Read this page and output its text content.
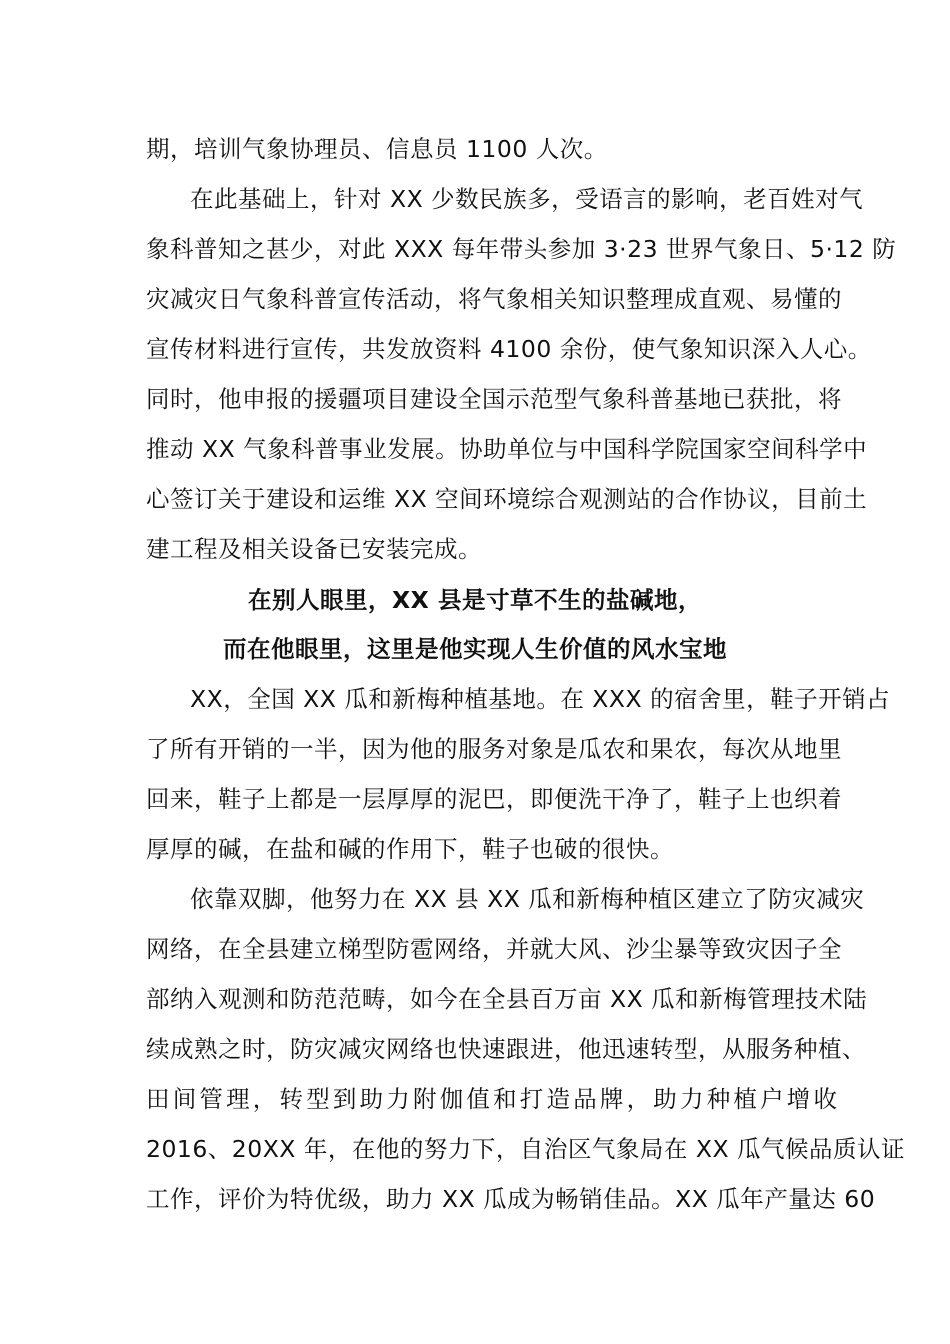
期，培训气象协理员、信息员 1100 人次。
在此基础上，针对 XX 少数民族多，受语言的影响，老百姓对气
象科普知之甚少，对此 XXX 每年带头参加 3·23 世界气象日、5·12 防
灾减灾日气象科普宣传活动，将气象相关知识整理成直观、易懂的
宣传材料进行宣传，共发放资料 4100 余份，使气象知识深入人心。
同时，他申报的援疆项目建设全国示范型气象科普基地已获批，将
推动 XX 气象科普事业发展。协助单位与中国科学院国家空间科学中
心签订关于建设和运维 XX 空间环境综合观测站的合作协议，目前土
建工程及相关设备已安装完成。
在别人眼里，XX 县是寸草不生的盐碱地，
而在他眼里，这里是他实现人生价值的风水宝地
XX，全国 XX 瓜和新梅种植基地。在 XXX 的宿舍里，鞋子开销占
了所有开销的一半，因为他的服务对象是瓜农和果农，每次从地里
回来，鞋子上都是一层厚厚的泥巴，即便洗干净了，鞋子上也织着
厚厚的碱，在盐和碱的作用下，鞋子也破的很快。
依靠双脚，他努力在 XX 县 XX 瓜和新梅种植区建立了防灾减灾
网络，在全县建立梯型防雹网络，并就大风、沙尘暴等致灾因子全
部纳入观测和防范范畴，如今在全县百万亩 XX 瓜和新梅管理技术陆
续成熟之时，防灾减灾网络也快速跟进，他迅速转型，从服务种植、
田间管理，转型到助力附伽值和打造品牌，助力种植户增收
2016、20XX 年，在他的努力下，自治区气象局在 XX 瓜气候品质认证
工作，评价为特优级，助力 XX 瓜成为畅销佳品。XX 瓜年产量达 60
